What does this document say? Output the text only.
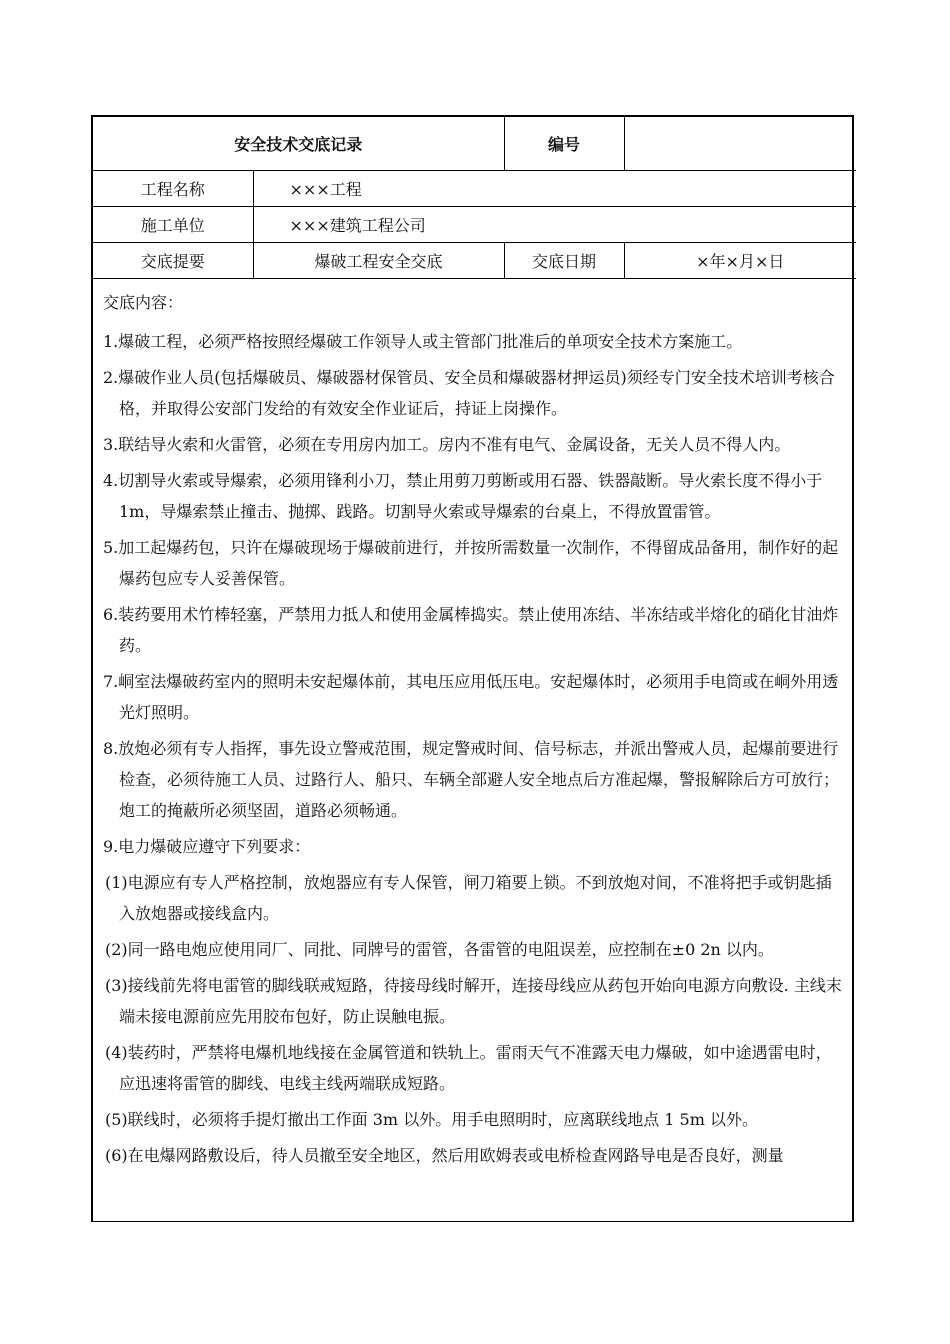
安全技术交底记录		编号	
工程名称	×××工程		
施工单位	×××建筑工程公司		
交底提要	爆破工程安全交底	交底日期	×年×月×日

交底内容：

1.爆破工程，必须严格按照经爆破工作领导人或主管部门批准后的单项安全技术方案施工。

2.爆破作业人员(包括爆破员、爆破器材保管员、安全员和爆破器材押运员)须经专门安全技术培训考核合格，并取得公安部门发给的有效安全作业证后，持证上岗操作。

3.联结导火索和火雷管，必须在专用房内加工。房内不准有电气、金属设备，无关人员不得人内。

4.切割导火索或导爆索，必须用锋利小刀，禁止用剪刀剪断或用石器、铁器敲断。导火索长度不得小于 1m，导爆索禁止撞击、抛掷、践路。切割导火索或导爆索的台桌上，不得放置雷管。

5.加工起爆药包，只许在爆破现场于爆破前进行，并按所需数量一次制作，不得留成品备用，制作好的起爆药包应专人妥善保管。

6.装药要用术竹棒轻塞，严禁用力抵人和使用金属棒捣实。禁止使用冻结、半冻结或半熔化的硝化甘油炸药。

7.峒室法爆破药室内的照明未安起爆体前，其电压应用低压电。安起爆体时，必须用手电筒或在峒外用透光灯照明。

8.放炮必须有专人指挥，事先设立警戒范围，规定警戒时间、信号标志，并派出警戒人员，起爆前要进行检查，必须待施工人员、过路行人、船只、车辆全部避人安全地点后方准起爆，警报解除后方可放行；炮工的掩蔽所必须坚固，道路必须畅通。

9.电力爆破应遵守下列要求：

(1)电源应有专人严格控制，放炮器应有专人保管，闸刀箱要上锁。不到放炮对间，不准将把手或钥匙插入放炮器或接线盒内。

(2)同一路电炮应使用同厂、同批、同牌号的雷管，各雷管的电阻误差，应控制在±0 2n 以内。

(3)接线前先将电雷管的脚线联戒短路，待接母线时解开，连接母线应从药包开始向电源方向敷设. 主线末端未接电源前应先用胶布包好，防止误触电振。

(4)装药时，严禁将电爆机地线接在金属管道和铁轨上。雷雨天气不准露天电力爆破，如中途遇雷电时，应迅速将雷管的脚线、电线主线两端联成短路。

(5)联线时，必须将手提灯撤出工作面 3m 以外。用手电照明时，应离联线地点 1 5m 以外。

(6)在电爆网路敷设后，待人员撤至安全地区，然后用欧姆表或电桥检查网路导电是否良好，测量
